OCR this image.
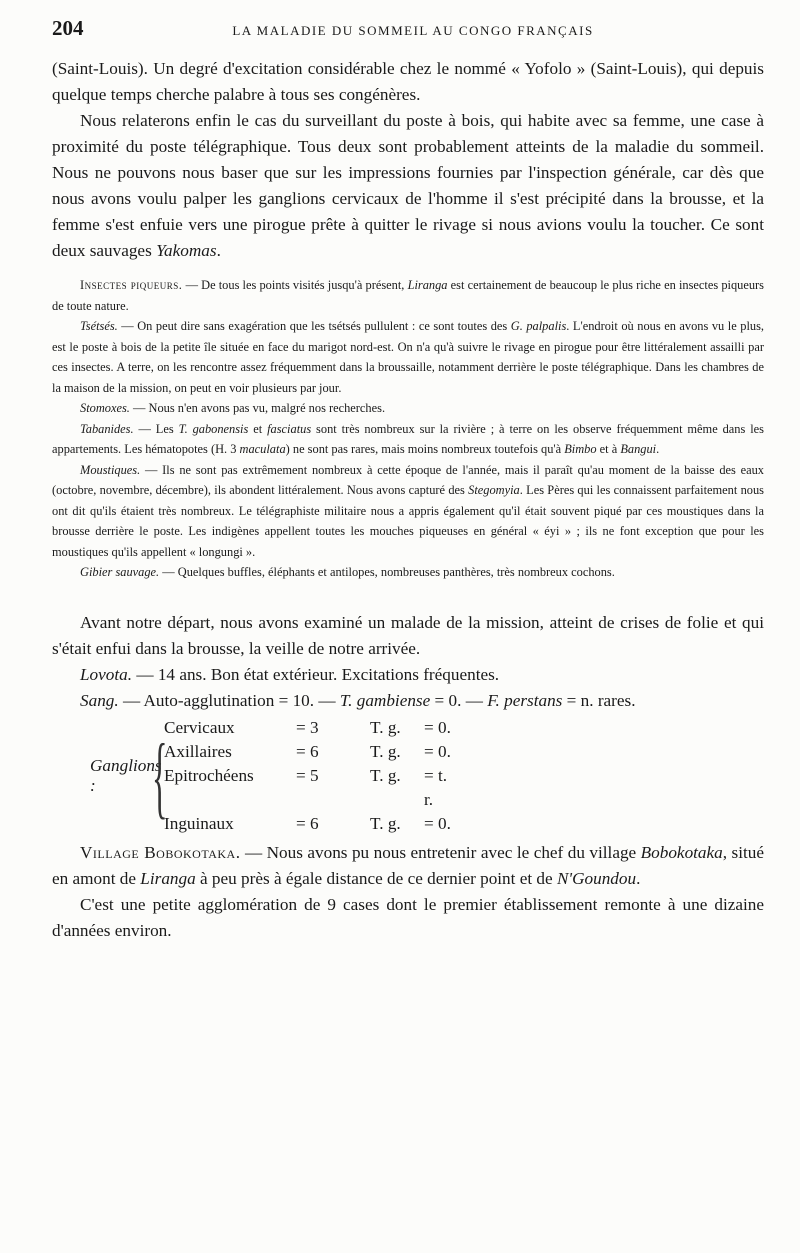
204	LA MALADIE DU SOMMEIL AU CONGO FRANÇAIS

(Saint-Louis). Un degré d'excitation considérable chez le nommé « Yofolo » (Saint-Louis), qui depuis quelque temps cherche palabre à tous ses congénères.

Nous relaterons enfin le cas du surveillant du poste à bois, qui habite avec sa femme, une case à proximité du poste télégraphique. Tous deux sont probablement atteints de la maladie du sommeil. Nous ne pouvons nous baser que sur les impressions fournies par l'inspection générale, car dès que nous avons voulu palper les ganglions cervicaux de l'homme il s'est précipité dans la brousse, et la femme s'est enfuie vers une pirogue prête à quitter le rivage si nous avions voulu la toucher. Ce sont deux sauvages Yakomas.

Insectes piqueurs. — De tous les points visités jusqu'à présent, Liranga est certainement de beaucoup le plus riche en insectes piqueurs de toute nature.

Tsétsés. — On peut dire sans exagération que les tsétsés pullulent : ce sont toutes des G. palpalis. L'endroit où nous en avons vu le plus, est le poste à bois de la petite île située en face du marigot nord-est. On n'a qu'à suivre le rivage en pirogue pour être littéralement assailli par ces insectes. A terre, on les rencontre assez fréquemment dans la broussaille, notamment derrière le poste télégraphique. Dans les chambres de la maison de la mission, on peut en voir plusieurs par jour.

Stomoxes. — Nous n'en avons pas vu, malgré nos recherches.

Tabanides. — Les T. gabonensis et fasciatus sont très nombreux sur la rivière ; à terre on les observe fréquemment même dans les appartements. Les hématopotes (H. 3 maculata) ne sont pas rares, mais moins nombreux toutefois qu'à Bimbo et à Bangui.

Moustiques. — Ils ne sont pas extrêmement nombreux à cette époque de l'année, mais il paraît qu'au moment de la baisse des eaux (octobre, novembre, décembre), ils abondent littéralement. Nous avons capturé des Stegomyia. Les Pères qui les connaissent parfaitement nous ont dit qu'ils étaient très nombreux. Le télégraphiste militaire nous a appris également qu'il était souvent piqué par ces moustiques dans la brousse derrière le poste. Les indigènes appellent toutes les mouches piqueuses en général « éyi » ; ils ne font exception que pour les moustiques qu'ils appellent « longungi ».

Gibier sauvage. — Quelques buffles, éléphants et antilopes, nombreuses panthères, très nombreux cochons.

Avant notre départ, nous avons examiné un malade de la mission, atteint de crises de folie et qui s'était enfui dans la brousse, la veille de notre arrivée.

Lovota. — 14 ans. Bon état extérieur. Excitations fréquentes.

Sang. — Auto-agglutination = 10. — T. gambiense = 0. — F. perstans = n. rares.

Ganglions : {
Cervicaux	= 3	T. g.	= 0.
Axillaires	= 6	T. g.	= 0.
Epitrochéens	= 5	T. g.	= t. r.
Inguinaux	= 6	T. g.	= 0.

Village Bobokotaka. — Nous avons pu nous entretenir avec le chef du village Bobokotaka, situé en amont de Liranga à peu près à égale distance de ce dernier point et de N'Goundou.

C'est une petite agglomération de 9 cases dont le premier établissement remonte à une dizaine d'années environ.
